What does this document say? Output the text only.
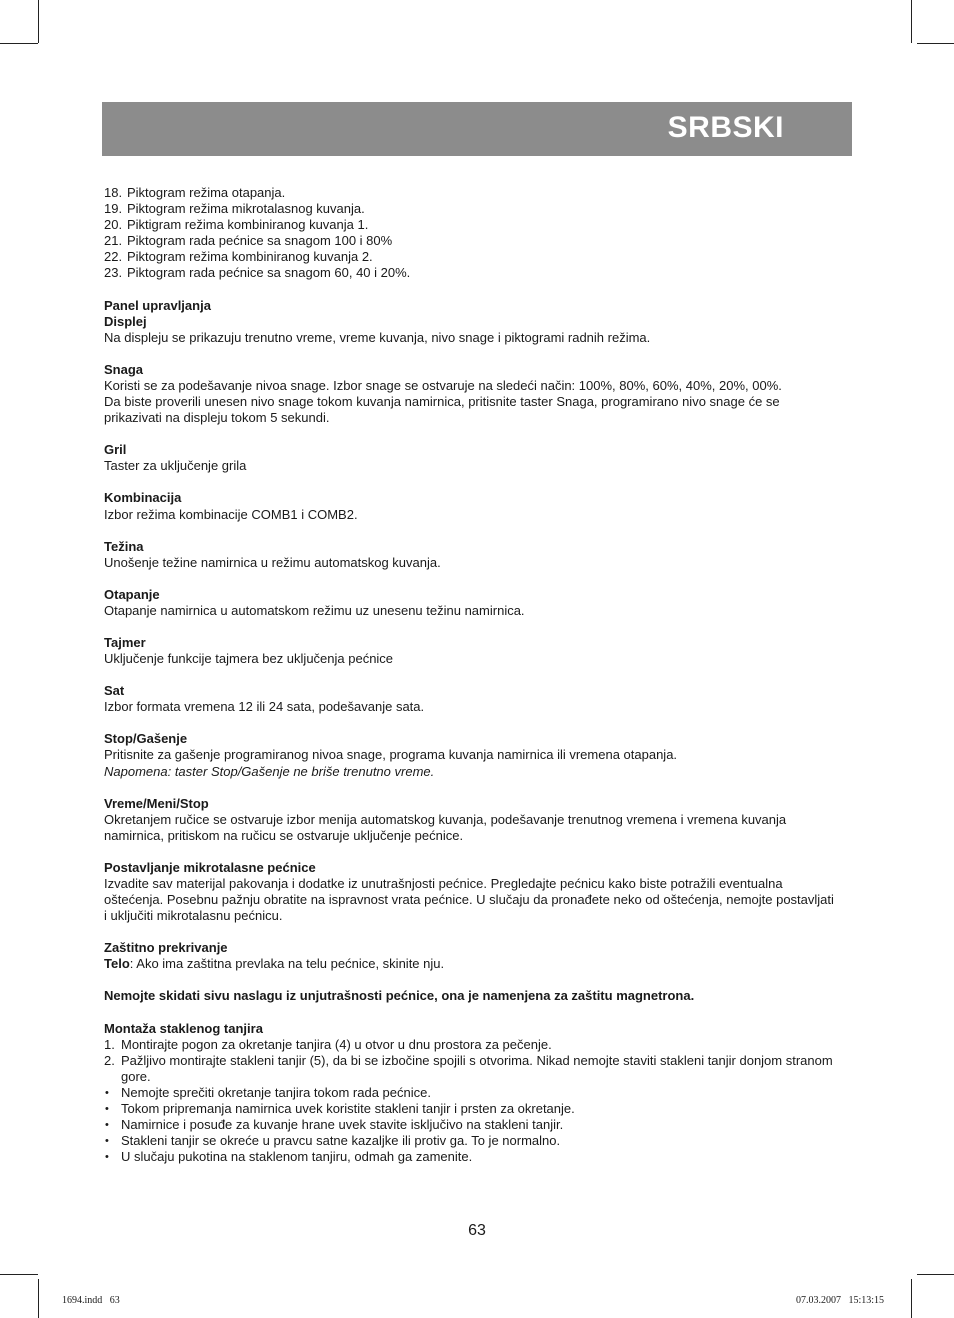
SRBSKI
18. Piktogram režima otapanja.
19. Piktogram režima mikrotalasnog kuvanja.
20. Piktigram režima kombiniranog kuvanja 1.
21. Piktogram rada pećnice sa snagom 100 i 80%
22. Piktogram režima kombiniranog kuvanja 2.
23. Piktogram rada pećnice sa snagom 60, 40 i 20%.
Panel upravljanja
Displej

Na displeju se prikazuju trenutno vreme, vreme kuvanja, nivo snage i piktogrami radnih režima.

Snaga

Koristi se za podešavanje nivoa snage. Izbor snage se ostvaruje na sledeći način: 100%, 80%, 60%, 40%, 20%, 00%.

Da biste proverili unesen nivo snage tokom kuvanja namirnica, pritisnite taster Snaga, programirano nivo snage će se prikazivati na displeju tokom 5 sekundi.

Gril

Taster za uključenje grila

Kombinacija

Izbor režima kombinacije COMB1 i COMB2.

Težina

Unošenje težine namirnica u režimu automatskog kuvanja.

Otapanje

Otapanje namirnica u automatskom režimu uz unesenu težinu namirnica.

Tajmer

Uključenje funkcije tajmera bez uključenja pećnice

Sat

Izbor formata vremena 12 ili 24 sata, podešavanje sata.

Stop/Gašenje

Pritisnite za gašenje programiranog nivoa snage, programa kuvanja namirnica ili vremena otapanja.

Napomena: taster Stop/Gašenje ne briše trenutno vreme.

Vreme/Meni/Stop

Okretanjem ručice se ostvaruje izbor menija automatskog kuvanja, podešavanje trenutnog vremena i vremena kuvanja namirnica, pritiskom na ručicu se ostvaruje uključenje pećnice.

Postavljanje mikrotalasne pećnice

Izvadite sav materijal pakovanja i dodatke iz unutrašnjosti pećnice. Pregledajte pećnicu kako biste potražili eventualna oštećenja. Posebnu pažnju obratite na ispravnost vrata pećnice. U slučaju da pronađete neko od oštećenja, nemojte postavljati i uključiti mikrotalasnu pećnicu.

Zaštitno prekrivanje

Telo: Ako ima zaštitna prevlaka na telu pećnice, skinite nju.

Nemojte skidati sivu naslagu iz unjutrašnosti pećnice, ona je namenjena za zaštitu magnetrona.

Montaža staklenog tanjira
1. Montirajte pogon za okretanje tanjira (4) u otvor u dnu prostora za pečenje.
2. Pažljivo montirajte stakleni tanjir (5), da bi se izbočine spojili s otvorima. Nikad nemojte staviti stakleni tanjir donjom stranom gore.
• Nemojte sprečiti okretanje tanjira tokom rada pećnice.
• Tokom pripremanja namirnica uvek koristite stakleni tanjir i prsten za okretanje.
• Namirnice i posuđe za kuvanje hrane uvek stavite isključivo na stakleni tanjir.
• Stakleni tanjir se okreće u pravcu satne kazaljke ili protiv ga. To je normalno.
• U slučaju pukotina na staklenom tanjiru, odmah ga zamenite.
63
1694.indd   63	07.03.2007   15:13:15
